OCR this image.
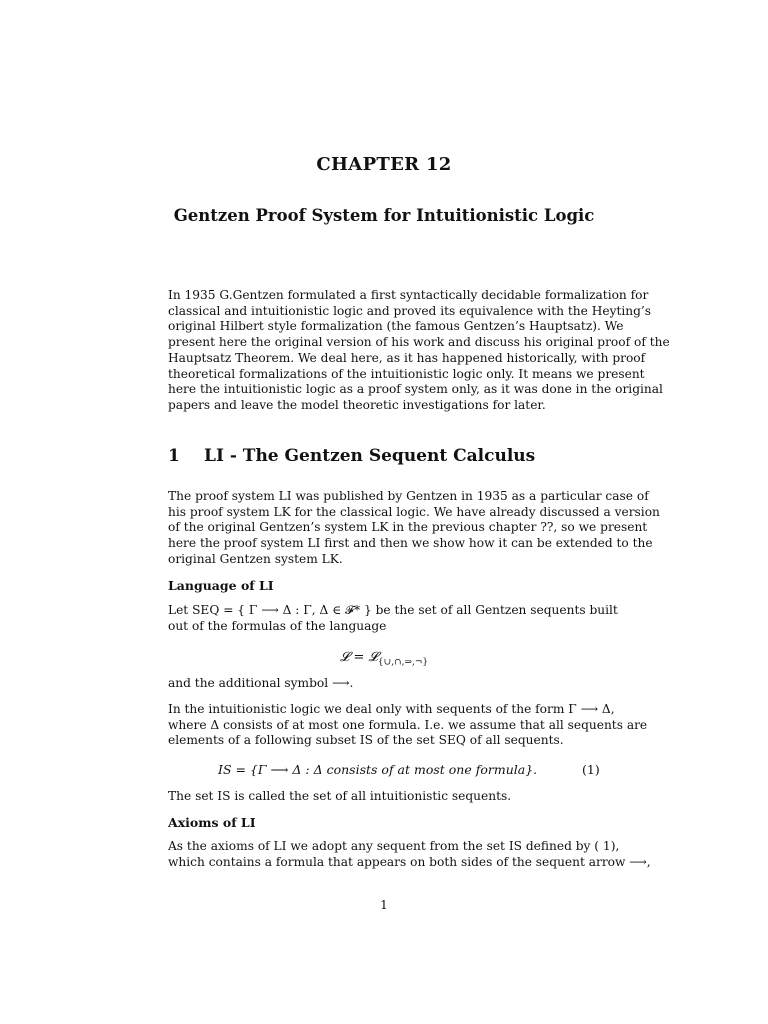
CHAPTER 12
Gentzen Proof System for Intuitionistic Logic

In 1935 G.Gentzen formulated a first syntactically decidable formalization for
classical and intuitionistic logic and proved its equivalence with the Heyting’s
original Hilbert style formalization (the famous Gentzen’s Hauptsatz). We
present here the original version of his work and discuss his original proof of the
Hauptsatz Theorem. We deal here, as it has happened historically, with proof
theoretical formalizations of the intuitionistic logic only. It means we present
here the intuitionistic logic as a proof system only, as it was done in the original
papers and leave the model theoretic investigations for later.

1 LI - The Gentzen Sequent Calculus

The proof system LI was published by Gentzen in 1935 as a particular case of
his proof system LK for the classical logic. We have already discussed a version
of the original Gentzen’s system LK in the previous chapter ??, so we present
here the proof system LI first and then we show how it can be extended to the
original Gentzen system LK.

Language of LI

Let SEQ = { Γ ⟶ Δ : Γ, Δ ∈ 𝓕* } be the set of all Gentzen sequents built
out of the formulas of the language

𝓛 = 𝓛$_{\{\cup,\cap,\Rightarrow,\neg\}}$

and the additional symbol ⟶.

In the intuitionistic logic we deal only with sequents of the form Γ ⟶ Δ,
where Δ consists of at most one formula. I.e. we assume that all sequents are
elements of a following subset IS of the set SEQ of all sequents.

IS = {Γ ⟶ Δ : Δ consists of at most one formula}.	(1)

The set IS is called the set of all intuitionistic sequents.

Axioms of LI

As the axioms of LI we adopt any sequent from the set IS defined by ( 1),
which contains a formula that appears on both sides of the sequent arrow ⟶,

1
